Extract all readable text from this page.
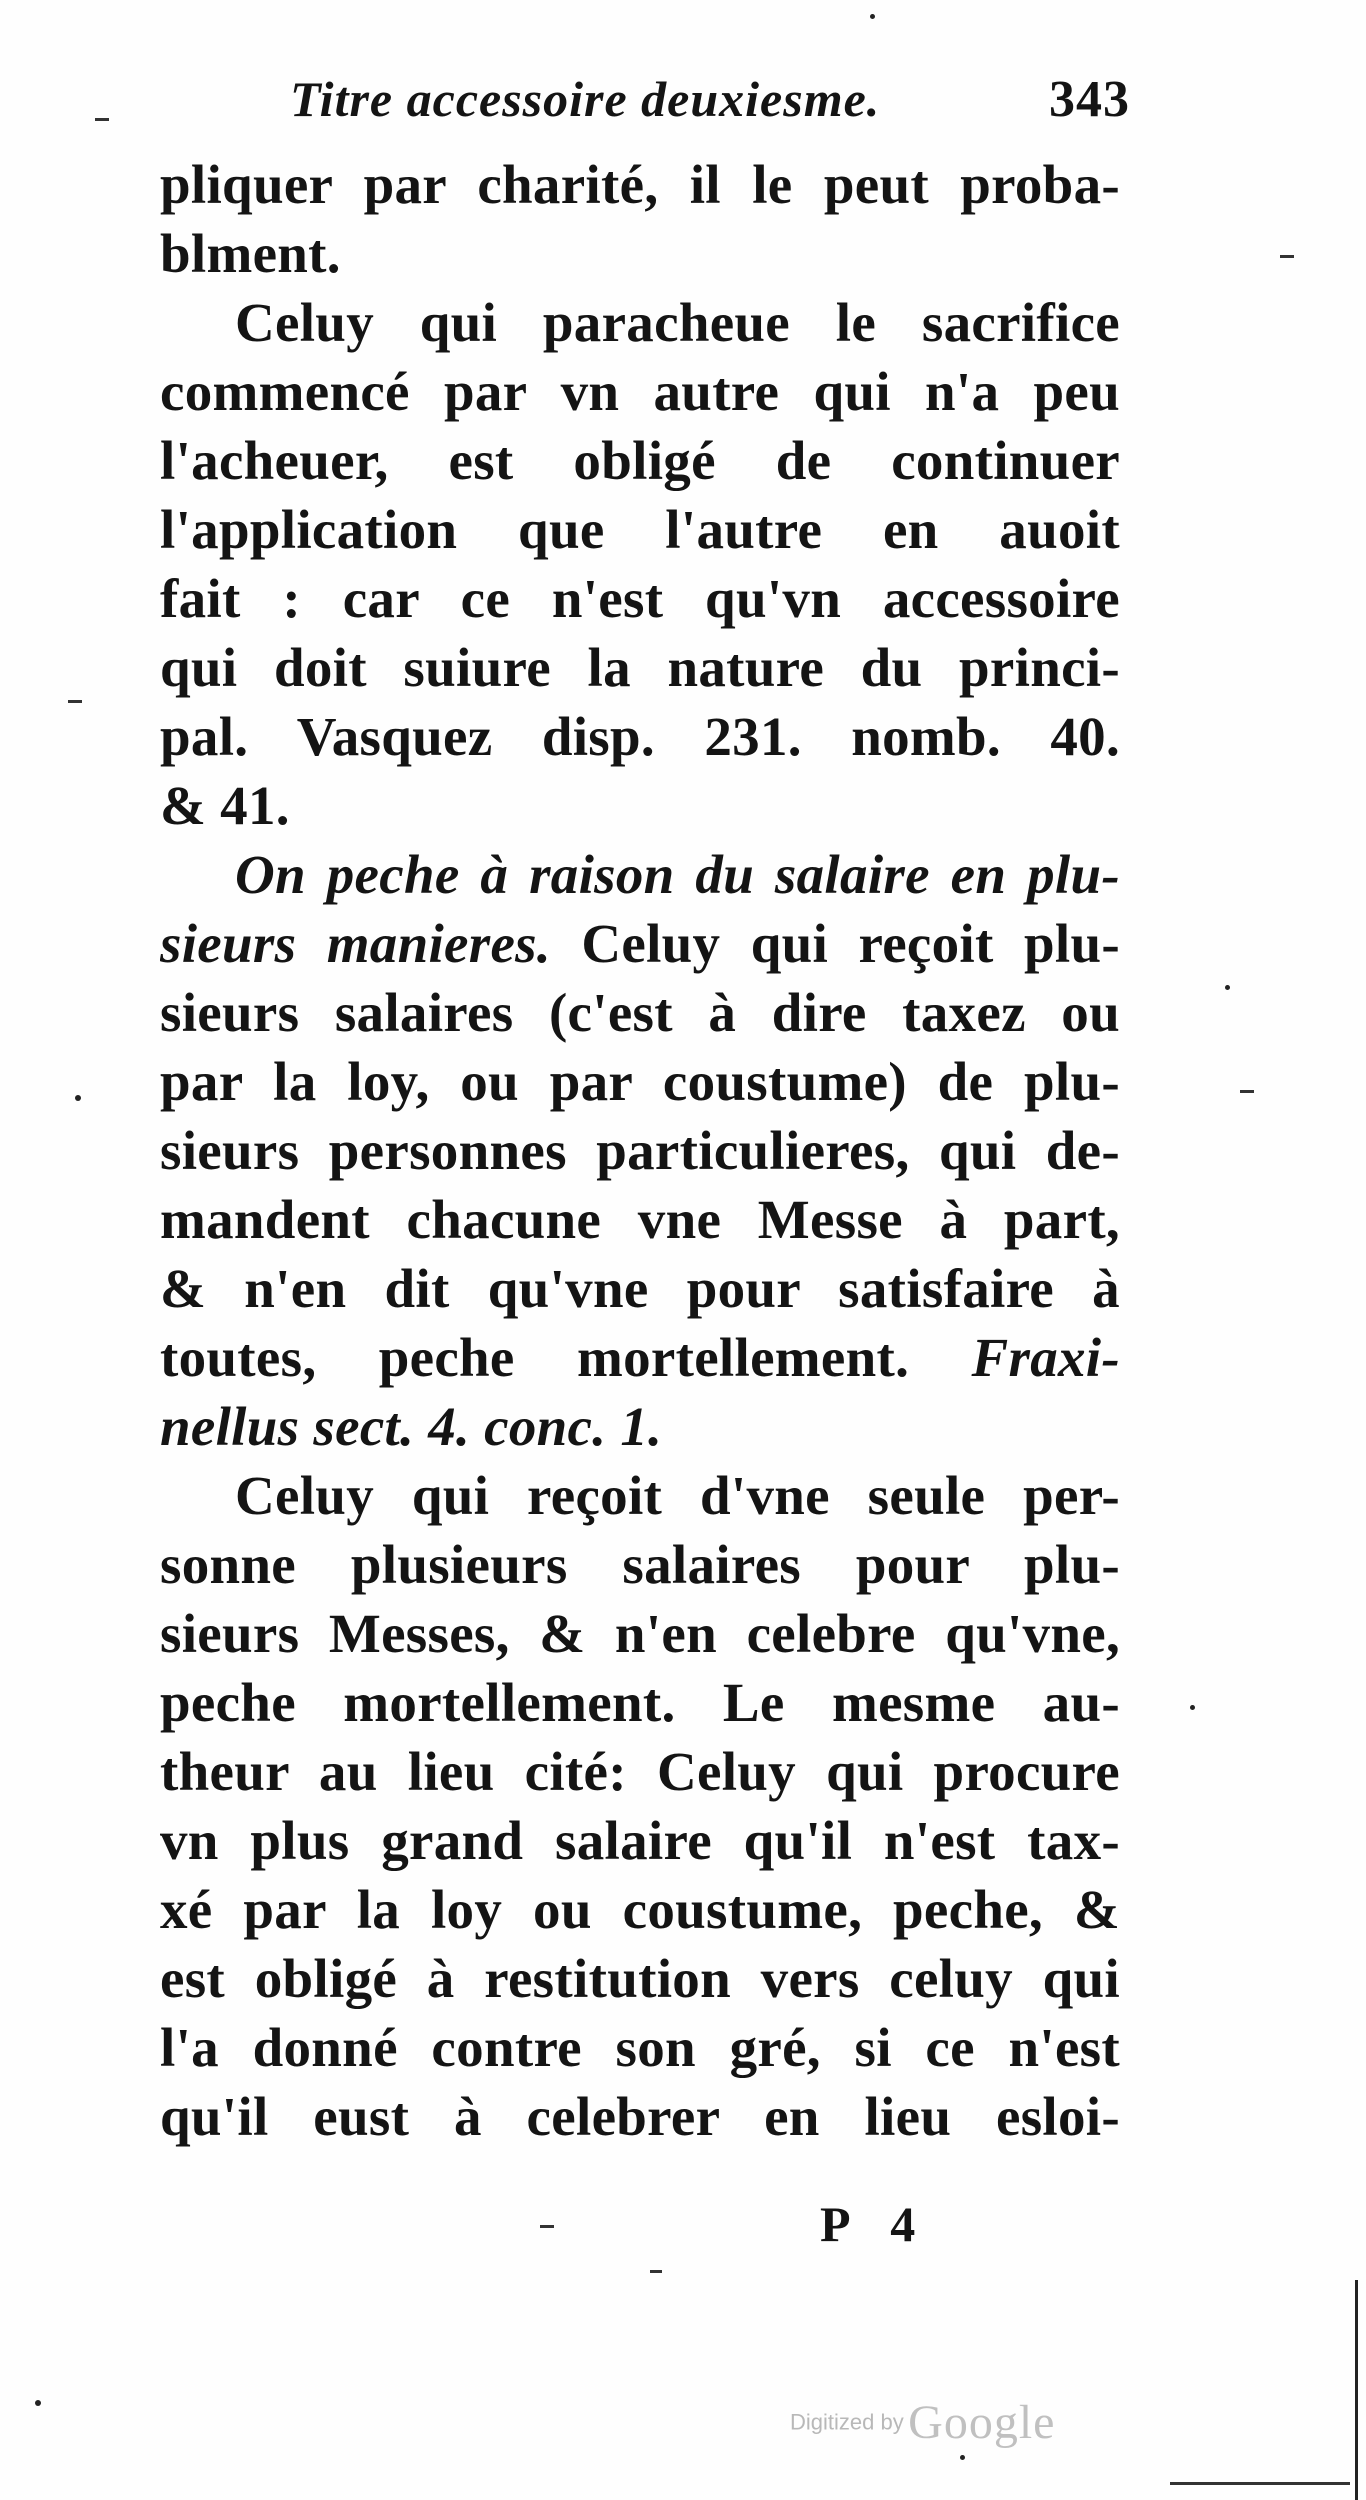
Titre accessoire deuxiesme.	343
pliquer par charité, il le peut proba-
blment.
Celuy qui paracheue le sacrifice
commencé par vn autre qui n'a peu
l'acheuer, est obligé de continuer
l'application que l'autre en auoit
fait : car ce n'est qu'vn accessoire
qui doit suiure la nature du princi-
pal. Vasquez disp. 231. nomb. 40.
& 41.
On peche à raison du salaire en plu-
sieurs manieres. Celuy qui reçoit plu-
sieurs salaires (c'est à dire taxez ou
par la loy, ou par coustume) de plu-
sieurs personnes particulieres, qui de-
mandent chacune vne Messe à part,
& n'en dit qu'vne pour satisfaire à
toutes, peche mortellement. Fraxi-
nellus sect. 4. conc. 1.
Celuy qui reçoit d'vne seule per-
sonne plusieurs salaires pour plu-
sieurs Messes, & n'en celebre qu'vne,
peche mortellement. Le mesme au-
theur au lieu cité: Celuy qui procure
vn plus grand salaire qu'il n'est tax-
xé par la loy ou coustume, peche, &
est obligé à restitution vers celuy qui
l'a donné contre son gré, si ce n'est
qu'il eust à celebrer en lieu esloi-
P 4
Digitized by Google
